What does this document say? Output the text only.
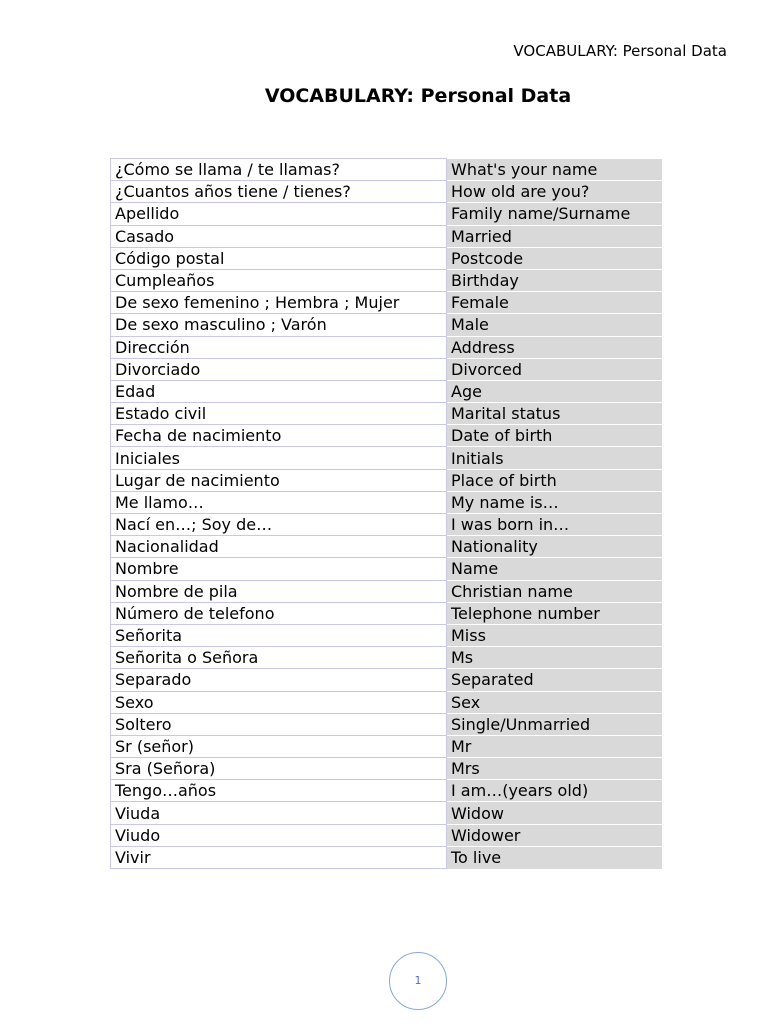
VOCABULARY: Personal Data
VOCABULARY: Personal Data
¿Cómo se llama / te llamas?	What's your name
¿Cuantos años tiene / tienes?	How old are you?
Apellido	Family name/Surname
Casado	Married
Código postal	Postcode
Cumpleaños	Birthday
De sexo femenino ; Hembra ; Mujer	Female
De sexo masculino ; Varón	Male
Dirección	Address
Divorciado	Divorced
Edad	Age
Estado civil	Marital status
Fecha de nacimiento	Date of birth
Iniciales	Initials
Lugar de nacimiento	Place of birth
Me llamo…	My name is…
Nací en…; Soy de…	I was born in…
Nacionalidad	Nationality
Nombre	Name
Nombre de pila	Christian name
Número de telefono	Telephone number
Señorita	Miss
Señorita o Señora	Ms
Separado	Separated
Sexo	Sex
Soltero	Single/Unmarried
Sr (señor)	Mr
Sra (Señora)	Mrs
Tengo…años	I am…(years old)
Viuda	Widow
Viudo	Widower
Vivir	To live
1
